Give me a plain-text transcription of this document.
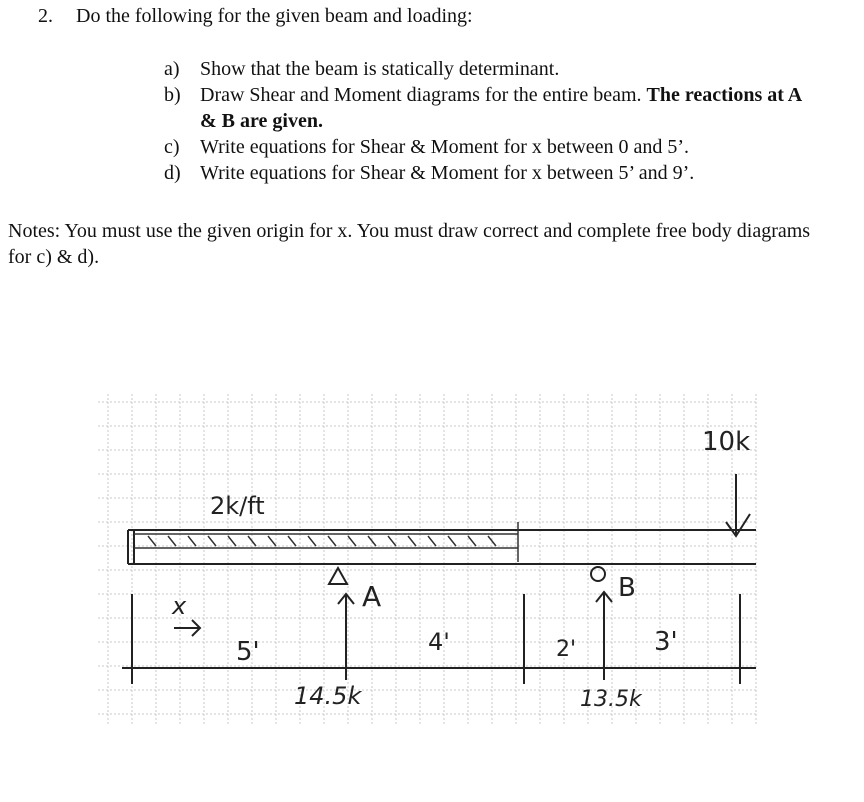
2. Do the following for the given beam and loading:
a)	Show that the beam is statically determinant.
b) Draw Shear and Moment diagrams for the entire beam. The reactions at A & B are given.
c)	Write equations for Shear & Moment for x between 0 and 5’.
d) Write equations for Shear & Moment for x between 5’ and 9’.
Notes: You must use the given origin for x. You must draw correct and complete free body diagrams for c) & d).
2k/ft
10k
A	B
x
5'	4'	2'	3'
14.5k	13.5k
